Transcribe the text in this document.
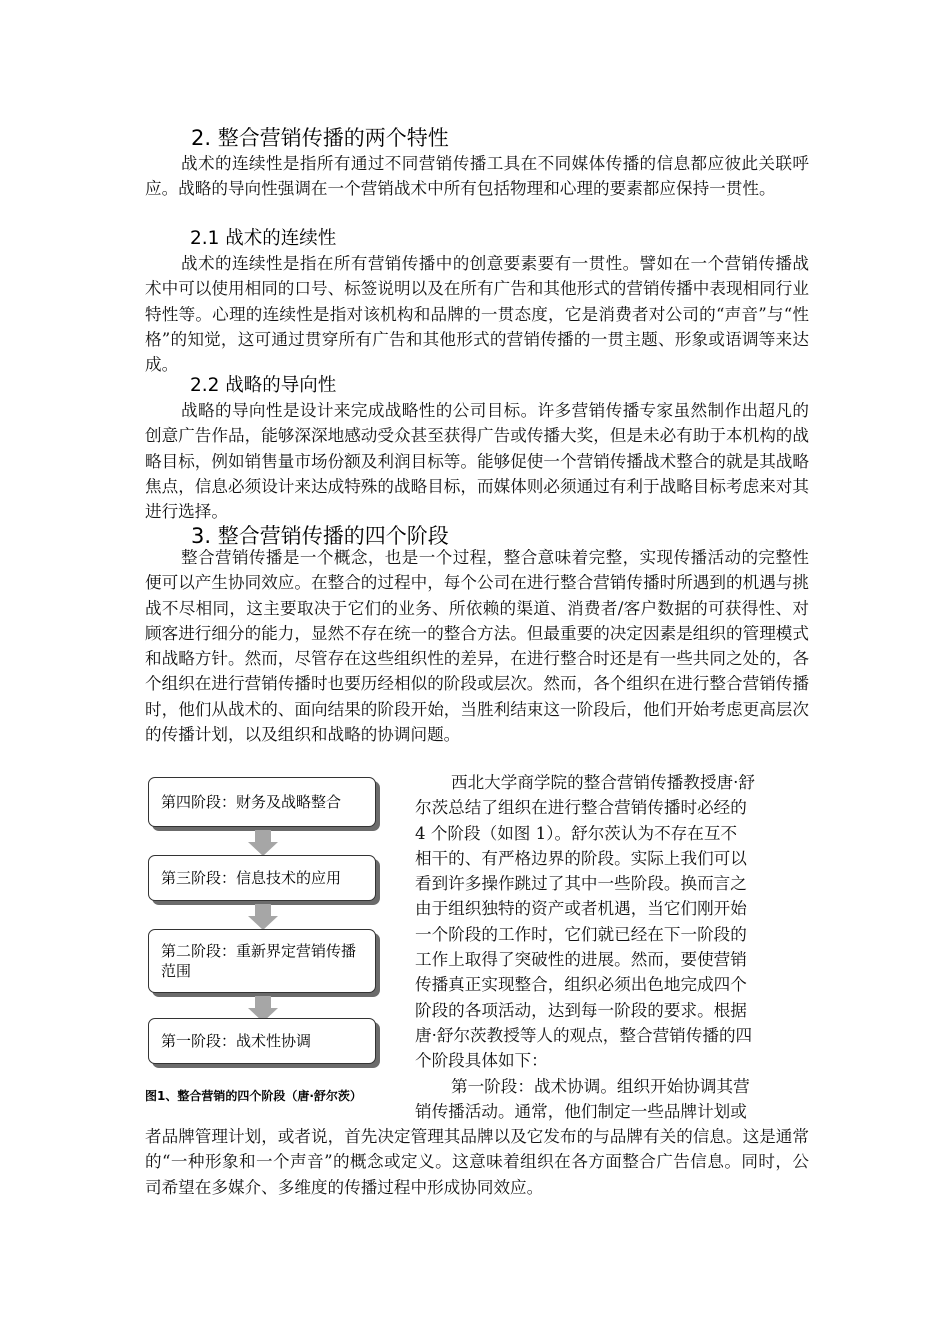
2. 整合营销传播的两个特性

战术的连续性是指所有通过不同营销传播工具在不同媒体传播的信息都应彼此关联呼应。战略的导向性强调在一个营销战术中所有包括物理和心理的要素都应保持一贯性。

2.1 战术的连续性

战术的连续性是指在所有营销传播中的创意要素要有一贯性。譬如在一个营销传播战术中可以使用相同的口号、标签说明以及在所有广告和其他形式的营销传播中表现相同行业特性等。心理的连续性是指对该机构和品牌的一贯态度，它是消费者对公司的“声音”与“性格”的知觉，这可通过贯穿所有广告和其他形式的营销传播的一贯主题、形象或语调等来达成。

2.2 战略的导向性

战略的导向性是设计来完成战略性的公司目标。许多营销传播专家虽然制作出超凡的创意广告作品，能够深深地感动受众甚至获得广告或传播大奖，但是未必有助于本机构的战略目标，例如销售量市场份额及利润目标等。能够促使一个营销传播战术整合的就是其战略焦点，信息必须设计来达成特殊的战略目标，而媒体则必须通过有利于战略目标考虑来对其进行选择。

3. 整合营销传播的四个阶段

整合营销传播是一个概念，也是一个过程，整合意味着完整，实现传播活动的完整性便可以产生协同效应。在整合的过程中，每个公司在进行整合营销传播时所遇到的机遇与挑战不尽相同，这主要取决于它们的业务、所依赖的渠道、消费者/客户数据的可获得性、对顾客进行细分的能力，显然不存在统一的整合方法。但最重要的决定因素是组织的管理模式和战略方针。然而，尽管存在这些组织性的差异，在进行整合时还是有一些共同之处的，各个组织在进行营销传播时也要历经相似的阶段或层次。然而，各个组织在进行整合营销传播时，他们从战术的、面向结果的阶段开始，当胜利结束这一阶段后，他们开始考虑更高层次的传播计划，以及组织和战略的协调问题。

第四阶段：财务及战略整合
第三阶段：信息技术的应用
第二阶段：重新界定营销传播范围
第一阶段：战术性协调
图1、整合营销的四个阶段（唐·舒尔茨）
西北大学商学院的整合营销传播教授唐·舒
尔茨总结了组织在进行整合营销传播时必经的
4 个阶段（如图 1）。舒尔茨认为不存在互不
相干的、有严格边界的阶段。实际上我们可以
看到许多操作跳过了其中一些阶段。换而言之
由于组织独特的资产或者机遇，当它们刚开始
一个阶段的工作时，它们就已经在下一阶段的
工作上取得了突破性的进展。然而，要使营销
传播真正实现整合，组织必须出色地完成四个
阶段的各项活动，达到每一阶段的要求。根据
唐·舒尔茨教授等人的观点，整合营销传播的四
个阶段具体如下：
第一阶段：战术协调。组织开始协调其营
销传播活动。通常，他们制定一些品牌计划或

者品牌管理计划，或者说，首先决定管理其品牌以及它发布的与品牌有关的信息。这是通常的“一种形象和一个声音”的概念或定义。这意味着组织在各方面整合广告信息。同时，公司希望在多媒介、多维度的传播过程中形成协同效应。
